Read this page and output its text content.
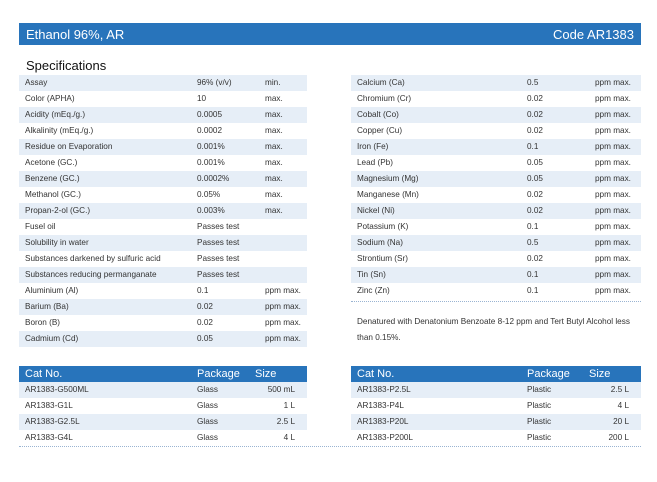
Ethanol 96%, AR	Code AR1383
Specifications
Assay	96% (v/v)	min.
Color (APHA)	10	max.
Acidity (mEq./g.)	0.0005	max.
Alkalinity (mEq./g.)	0.0002	max.
Residue on Evaporation	0.001%	max.
Acetone (GC.)	0.001%	max.
Benzene (GC.)	0.0002%	max.
Methanol (GC.)	0.05%	max.
Propan-2-ol (GC.)	0.003%	max.
Fusel oil	Passes test	
Solubility in water	Passes test	
Substances darkened by sulfuric acid	Passes test	
Substances reducing permanganate	Passes test	
Aluminium (Al)	0.1	ppm max.
Barium (Ba)	0.02	ppm max.
Boron (B)	0.02	ppm max.
Cadmium (Cd)	0.05	ppm max.
Calcium (Ca)	0.5	ppm max.
Chromium (Cr)	0.02	ppm max.
Cobalt (Co)	0.02	ppm max.
Copper (Cu)	0.02	ppm max.
Iron (Fe)	0.1	ppm max.
Lead (Pb)	0.05	ppm max.
Magnesium (Mg)	0.05	ppm max.
Manganese (Mn)	0.02	ppm max.
Nickel (Ni)	0.02	ppm max.
Potassium (K)	0.1	ppm max.
Sodium (Na)	0.5	ppm max.
Strontium (Sr)	0.02	ppm max.
Tin (Sn)	0.1	ppm max.
Zinc (Zn)	0.1	ppm max.
Denatured with Denatonium Benzoate 8-12 ppm and Tert Butyl Alcohol less than 0.15%.
Cat No.	Package	Size
AR1383-G500ML	Glass	500 mL
AR1383-G1L	Glass	1 L
AR1383-G2.5L	Glass	2.5 L
AR1383-G4L	Glass	4 L
Cat No.	Package	Size
AR1383-P2.5L	Plastic	2.5 L
AR1383-P4L	Plastic	4 L
AR1383-P20L	Plastic	20 L
AR1383-P200L	Plastic	200 L
